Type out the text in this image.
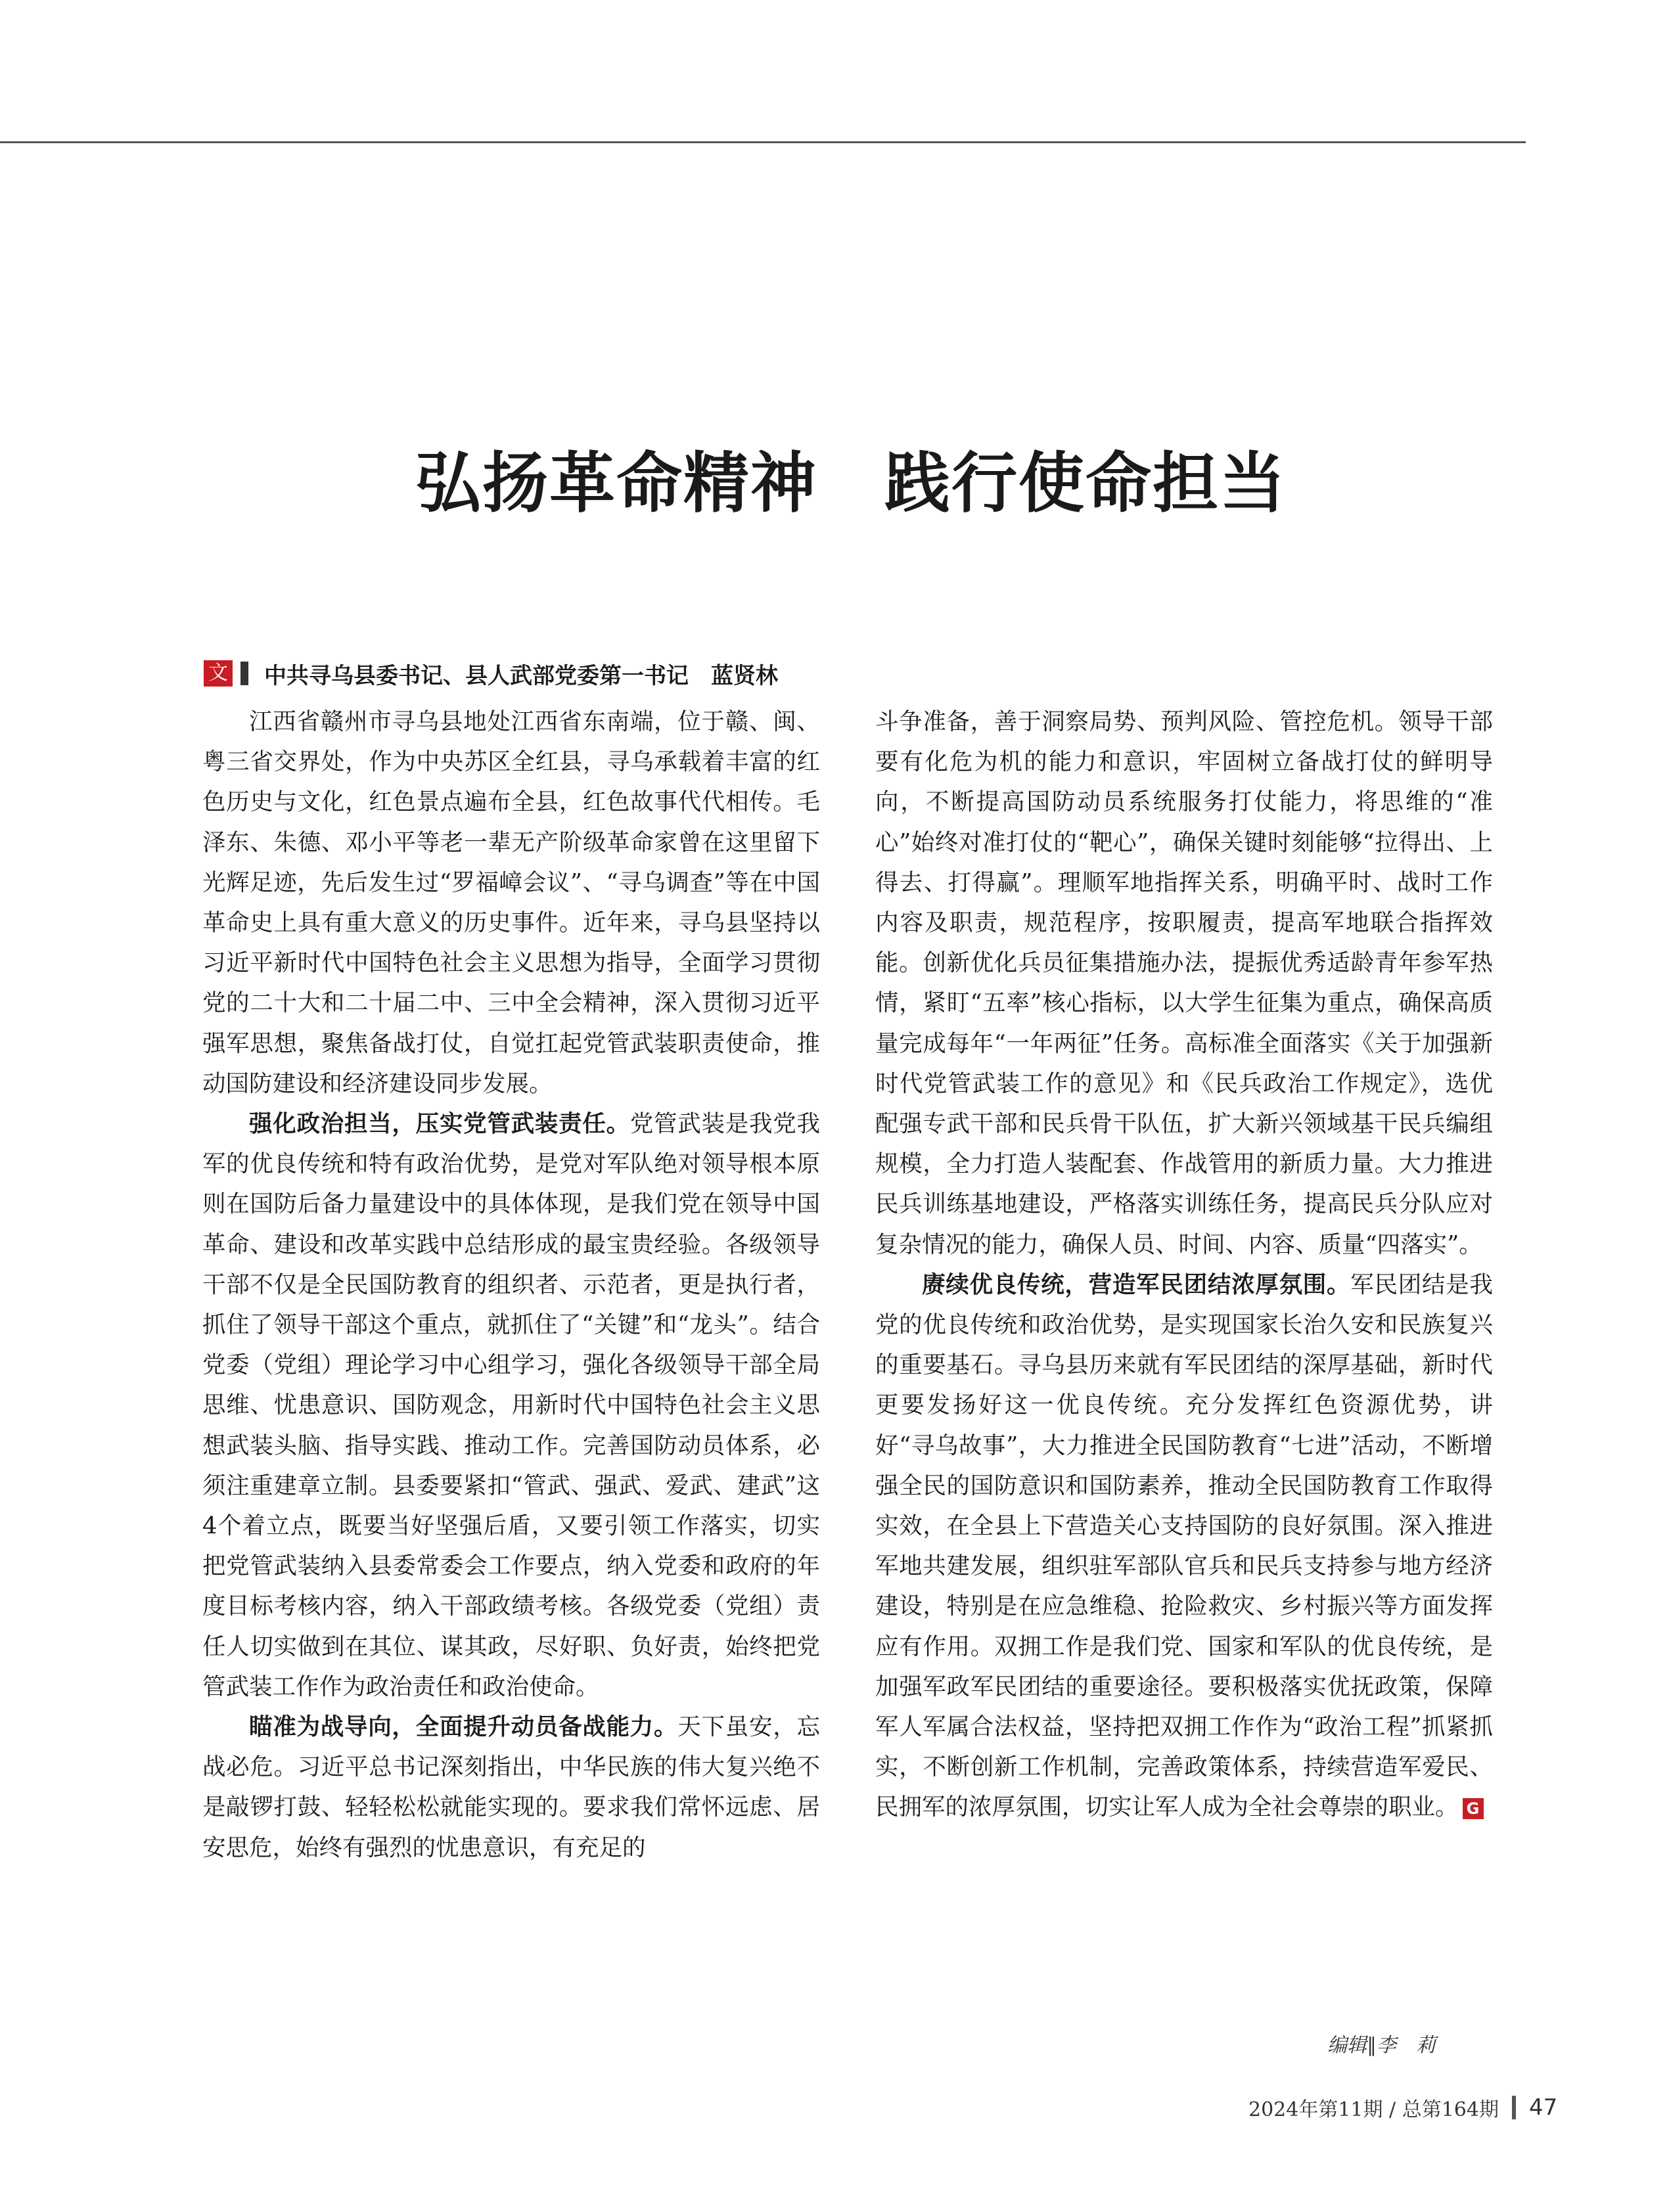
弘扬革命精神　践行使命担当
文 中共寻乌县委书记、县人武部党委第一书记　蓝贤林

江西省赣州市寻乌县地处江西省东南端，位于赣、闽、粤三省交界处，作为中央苏区全红县，寻乌承载着丰富的红色历史与文化，红色景点遍布全县，红色故事代代相传。毛泽东、朱德、邓小平等老一辈无产阶级革命家曾在这里留下光辉足迹，先后发生过“罗福嶂会议”、“寻乌调查”等在中国革命史上具有重大意义的历史事件。近年来，寻乌县坚持以习近平新时代中国特色社会主义思想为指导，全面学习贯彻党的二十大和二十届二中、三中全会精神，深入贯彻习近平强军思想，聚焦备战打仗，自觉扛起党管武装职责使命，推动国防建设和经济建设同步发展。

强化政治担当，压实党管武装责任。党管武装是我党我军的优良传统和特有政治优势，是党对军队绝对领导根本原则在国防后备力量建设中的具体体现，是我们党在领导中国革命、建设和改革实践中总结形成的最宝贵经验。各级领导干部不仅是全民国防教育的组织者、示范者，更是执行者，抓住了领导干部这个重点，就抓住了“关键”和“龙头”。结合党委（党组）理论学习中心组学习，强化各级领导干部全局思维、忧患意识、国防观念，用新时代中国特色社会主义思想武装头脑、指导实践、推动工作。完善国防动员体系，必须注重建章立制。县委要紧扣“管武、强武、爱武、建武”这4个着立点，既要当好坚强后盾，又要引领工作落实，切实把党管武装纳入县委常委会工作要点，纳入党委和政府的年度目标考核内容，纳入干部政绩考核。各级党委（党组）责任人切实做到在其位、谋其政，尽好职、负好责，始终把党管武装工作作为政治责任和政治使命。

瞄准为战导向，全面提升动员备战能力。天下虽安，忘战必危。习近平总书记深刻指出，中华民族的伟大复兴绝不是敲锣打鼓、轻轻松松就能实现的。要求我们常怀远虑、居安思危，始终有强烈的忧患意识，有充足的

斗争准备，善于洞察局势、预判风险、管控危机。领导干部要有化危为机的能力和意识，牢固树立备战打仗的鲜明导向，不断提高国防动员系统服务打仗能力，将思维的“准心”始终对准打仗的“靶心”，确保关键时刻能够“拉得出、上得去、打得赢”。理顺军地指挥关系，明确平时、战时工作内容及职责，规范程序，按职履责，提高军地联合指挥效能。创新优化兵员征集措施办法，提振优秀适龄青年参军热情，紧盯“五率”核心指标，以大学生征集为重点，确保高质量完成每年“一年两征”任务。高标准全面落实《关于加强新时代党管武装工作的意见》和《民兵政治工作规定》，选优配强专武干部和民兵骨干队伍，扩大新兴领域基干民兵编组规模，全力打造人装配套、作战管用的新质力量。大力推进民兵训练基地建设，严格落实训练任务，提高民兵分队应对复杂情况的能力，确保人员、时间、内容、质量“四落实”。

赓续优良传统，营造军民团结浓厚氛围。军民团结是我党的优良传统和政治优势，是实现国家长治久安和民族复兴的重要基石。寻乌县历来就有军民团结的深厚基础，新时代更要发扬好这一优良传统。充分发挥红色资源优势，讲好“寻乌故事”，大力推进全民国防教育“七进”活动，不断增强全民的国防意识和国防素养，推动全民国防教育工作取得实效，在全县上下营造关心支持国防的良好氛围。深入推进军地共建发展，组织驻军部队官兵和民兵支持参与地方经济建设，特别是在应急维稳、抢险救灾、乡村振兴等方面发挥应有作用。双拥工作是我们党、国家和军队的优良传统，是加强军政军民团结的重要途径。要积极落实优抚政策，保障军人军属合法权益，坚持把双拥工作作为“政治工程”抓紧抓实，不断创新工作机制，完善政策体系，持续营造军爱民、民拥军的浓厚氛围，切实让军人成为全社会尊崇的职业。 G

编辑∥李　莉
2024年第11期 / 总第164期 47
